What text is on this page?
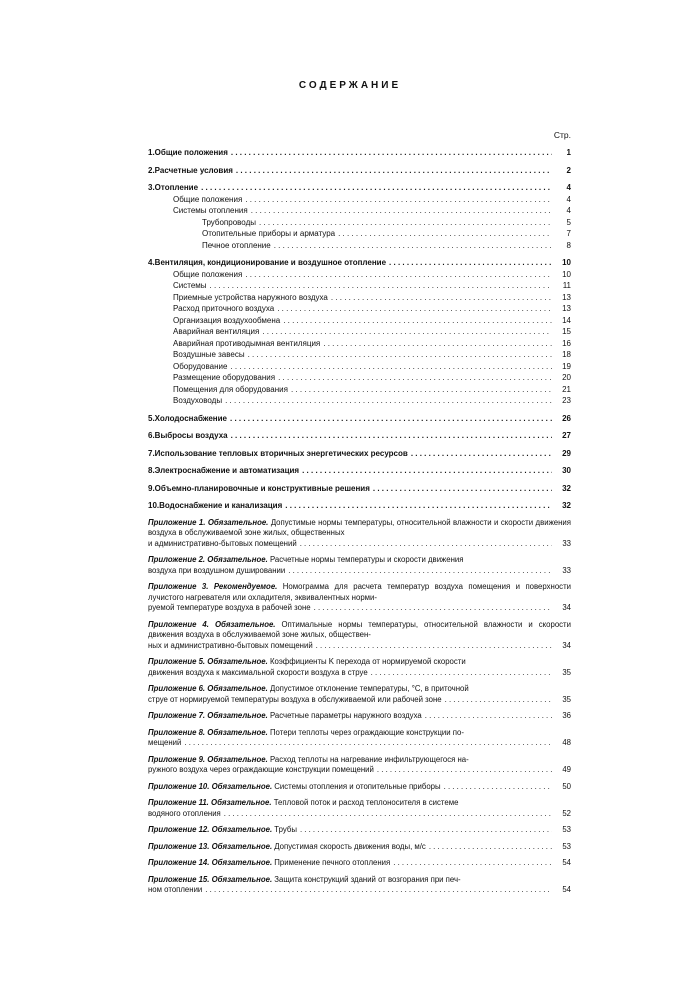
СОДЕРЖАНИЕ
Стр.
1.Общие положения . . .	1
2.Расчетные условия . . .	2
3.Отопление . . .	4
Общие положения . . .	4
Системы отопления . . .	4
Трубопроводы . . .	5
Отопительные приборы и арматура . . .	7
Печное отопление . . .	8
4.Вентиляция, кондиционирование и воздушное отопление . . .	10
Общие положения . . .	10
Системы . . .	11
Приемные устройства наружного воздуха . . .	13
Расход приточного воздуха . . .	13
Организация воздухообмена . . .	14
Аварийная вентиляция . . .	15
Аварийная противодымная вентиляция . . .	16
Воздушные завесы . . .	18
Оборудование . . .	19
Размещение оборудования . . .	20
Помещения для оборудования . . .	21
Воздуховоды . . .	23
5.Холодоснабжение . . .	26
6.Выбросы воздуха . . .	27
7.Использование тепловых вторичных энергетических ресурсов . . .	29
8.Электроснабжение и автоматизация . . .	30
9.Объемно-планировочные и конструктивные решения . . .	32
10.Водоснабжение и канализация . . .	32
Приложение 1. Обязательное. Допустимые нормы температуры, относительной влажности и скорости движения воздуха в обслуживаемой зоне жилых, общественных
и административно-бытовых помещений . . .	33
Приложение 2. Обязательное. Расчетные нормы температуры и скорости движения
воздуха при воздушном душировании . . .	33
Приложение 3. Рекомендуемое. Номограмма для расчета температур воздуха помещения и поверхности лучистого нагревателя или охладителя, эквивалентных норми-
руемой температуре воздуха в рабочей зоне . . .	34
Приложение 4. Обязательное. Оптимальные нормы температуры, относительной влажности и скорости движения воздуха в обслуживаемой зоне жилых, обществен-
ных и административно-бытовых помещений . . .	34
Приложение 5. Обязательное. Коэффициенты K перехода от нормируемой скорости
движения воздуха к максимальной скорости воздуха в струе . . .	35
Приложение 6. Обязательное. Допустимое отклонение температуры, °С, в приточной
струе от нормируемой температуры воздуха в обслуживаемой или рабочей зоне . . .	35
Приложение 7. Обязательное. Расчетные параметры наружного воздуха . . .	36
Приложение 8. Обязательное. Потери теплоты через ограждающие конструкции по-
мещений . . .	48
Приложение 9. Обязательное. Расход теплоты на нагревание инфильтрующегося на-
ружного воздуха через ограждающие конструкции помещений . . .	49
Приложение 10. Обязательное. Системы отопления и отопительные приборы . . .	50
Приложение 11. Обязательное. Тепловой поток и расход теплоносителя в системе
водяного отопления . . .	52
Приложение 12. Обязательное. Трубы . . .	53
Приложение 13. Обязательное. Допустимая скорость движения воды, м/с . . .	53
Приложение 14. Обязательное. Применение печного отопления . . .	54
Приложение 15. Обязательное. Защита конструкций зданий от возгорания при печ-
ном отоплении . . .	54
